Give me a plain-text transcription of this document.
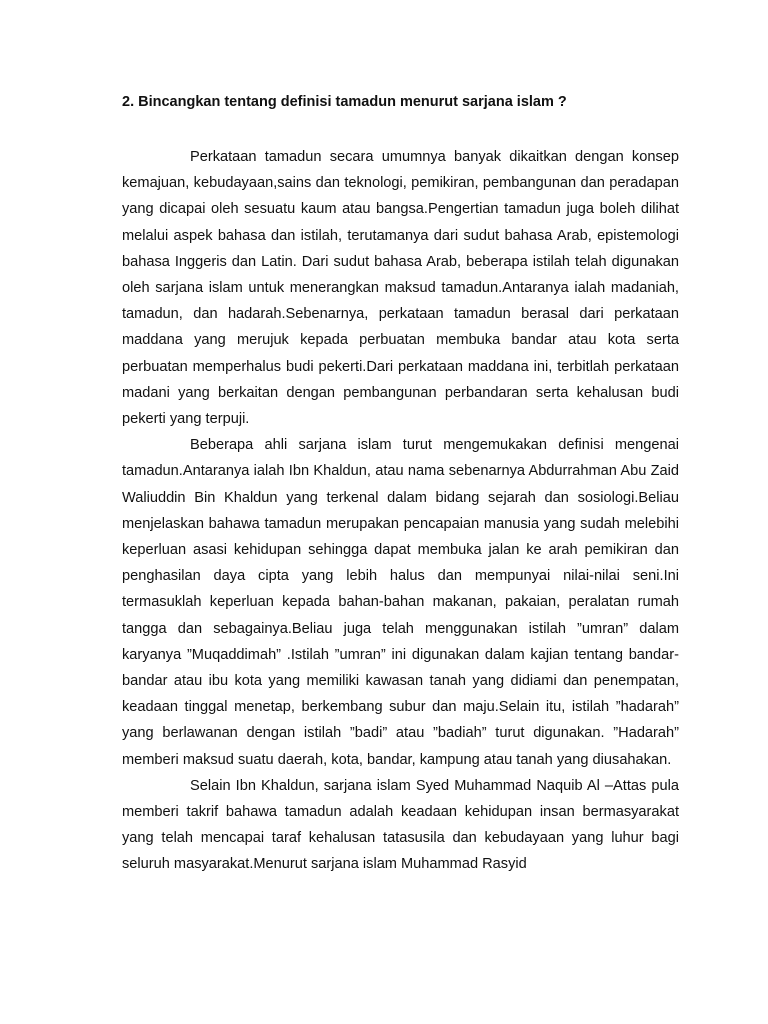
2. Bincangkan tentang definisi tamadun menurut sarjana islam ?

Perkataan tamadun secara umumnya banyak dikaitkan dengan konsep kemajuan, kebudayaan,sains dan teknologi, pemikiran, pembangunan dan peradapan yang dicapai oleh sesuatu kaum atau bangsa.Pengertian tamadun juga boleh dilihat melalui aspek bahasa dan istilah, terutamanya dari sudut bahasa Arab, epistemologi bahasa Inggeris dan Latin. Dari sudut bahasa Arab, beberapa istilah telah digunakan oleh sarjana islam untuk menerangkan maksud tamadun.Antaranya ialah madaniah, tamadun, dan hadarah.Sebenarnya, perkataan tamadun berasal dari perkataan maddana yang merujuk kepada perbuatan membuka bandar atau kota serta perbuatan memperhalus budi pekerti.Dari perkataan maddana ini, terbitlah perkataan madani yang berkaitan dengan pembangunan perbandaran serta kehalusan budi pekerti yang terpuji.

Beberapa ahli sarjana islam turut mengemukakan definisi mengenai tamadun.Antaranya ialah Ibn Khaldun, atau nama sebenarnya Abdurrahman Abu Zaid Waliuddin Bin Khaldun yang terkenal dalam bidang sejarah dan sosiologi.Beliau menjelaskan bahawa tamadun merupakan pencapaian manusia yang sudah melebihi keperluan asasi kehidupan sehingga dapat membuka jalan ke arah pemikiran dan penghasilan daya cipta yang lebih halus dan mempunyai nilai-nilai seni.Ini termasuklah keperluan kepada bahan-bahan makanan, pakaian, peralatan rumah tangga dan sebagainya.Beliau juga telah menggunakan istilah ”umran” dalam karyanya ”Muqaddimah” .Istilah ”umran” ini digunakan dalam kajian tentang bandar-bandar atau ibu kota yang memiliki kawasan tanah yang didiami dan penempatan, keadaan tinggal menetap, berkembang subur dan maju.Selain itu, istilah ”hadarah” yang berlawanan dengan istilah ”badi” atau ”badiah” turut digunakan. ”Hadarah” memberi maksud suatu daerah, kota, bandar, kampung atau tanah yang diusahakan.

Selain Ibn Khaldun, sarjana islam Syed Muhammad Naquib Al –Attas pula memberi takrif bahawa tamadun adalah keadaan kehidupan insan bermasyarakat yang telah mencapai taraf kehalusan tatasusila dan kebudayaan yang luhur bagi seluruh masyarakat.Menurut sarjana islam Muhammad Rasyid
